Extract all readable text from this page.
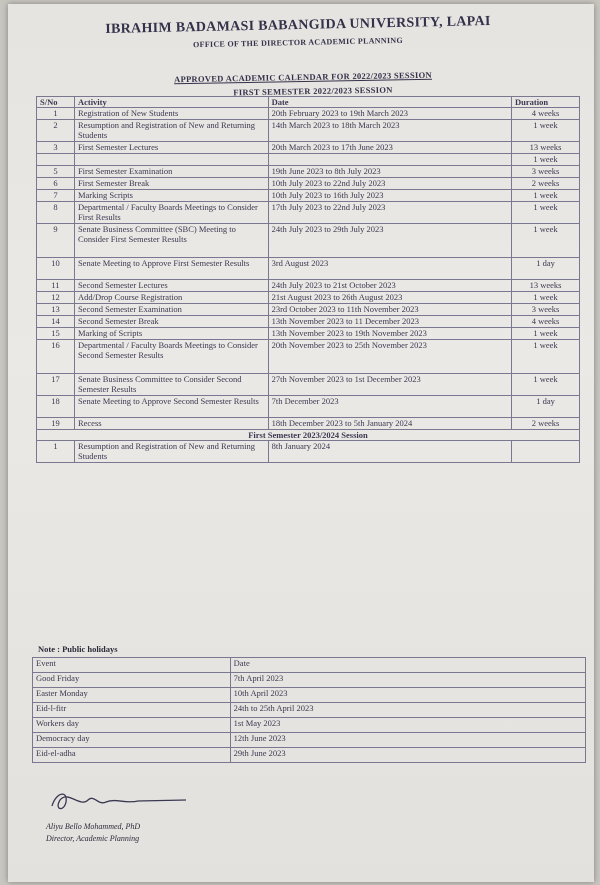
IBRAHIM BADAMASI BABANGIDA UNIVERSITY, LAPAI
OFFICE OF THE DIRECTOR ACADEMIC PLANNING
APPROVED ACADEMIC CALENDAR FOR 2022/2023 SESSION
FIRST SEMESTER 2022/2023 SESSION
S/No	Activity	Date	Duration
1	Registration of New Students	20th February 2023 to 19th March 2023	4 weeks
2	Resumption and Registration of New and Returning Students	14th March 2023 to 18th March 2023	1 week
3	First Semester Lectures	20th March 2023 to 17th June 2023	13 weeks
			1 week
5	First Semester Examination	19th June 2023 to 8th July 2023	3 weeks
6	First Semester Break	10th July 2023 to 22nd July 2023	2 weeks
7	Marking Scripts	10th July 2023 to 16th July 2023	1 week
8	Departmental / Faculty Boards Meetings to Consider First Results	17th July 2023 to 22nd July 2023	1 week
9	Senate Business Committee (SBC) Meeting to Consider First Semester Results	24th July 2023 to 29th July 2023	1 week
10	Senate Meeting to Approve First Semester Results	3rd August 2023	1 day
11	Second Semester Lectures	24th July 2023 to 21st October 2023	13 weeks
12	Add/Drop Course Registration	21st August 2023 to 26th August 2023	1 week
13	Second Semester Examination	23rd October 2023 to 11th November 2023	3 weeks
14	Second Semester Break	13th November 2023 to 11 December 2023	4 weeks
15	Marking of Scripts	13th November 2023 to 19th November 2023	1 week
16	Departmental / Faculty Boards Meetings to Consider Second Semester Results	20th November 2023 to 25th November 2023	1 week
17	Senate Business Committee to Consider Second Semester Results	27th November 2023 to 1st December 2023	1 week
18	Senate Meeting to Approve Second Semester Results	7th December 2023	1 day
19	Recess	18th December 2023 to 5th January 2024	2 weeks
First Semester 2023/2024 Session			
1	Resumption and Registration of New and Returning Students	8th January 2024	
Note : Public holidays
Event	Date
Good Friday	7th April 2023
Easter Monday	10th April 2023
Eid-l-fitr	24th to 25th April 2023
Workers day	1st May 2023
Democracy day	12th June 2023
Eid-el-adha	29th June 2023
Aliyu Bello Mohammed, PhD
Director, Academic Planning
